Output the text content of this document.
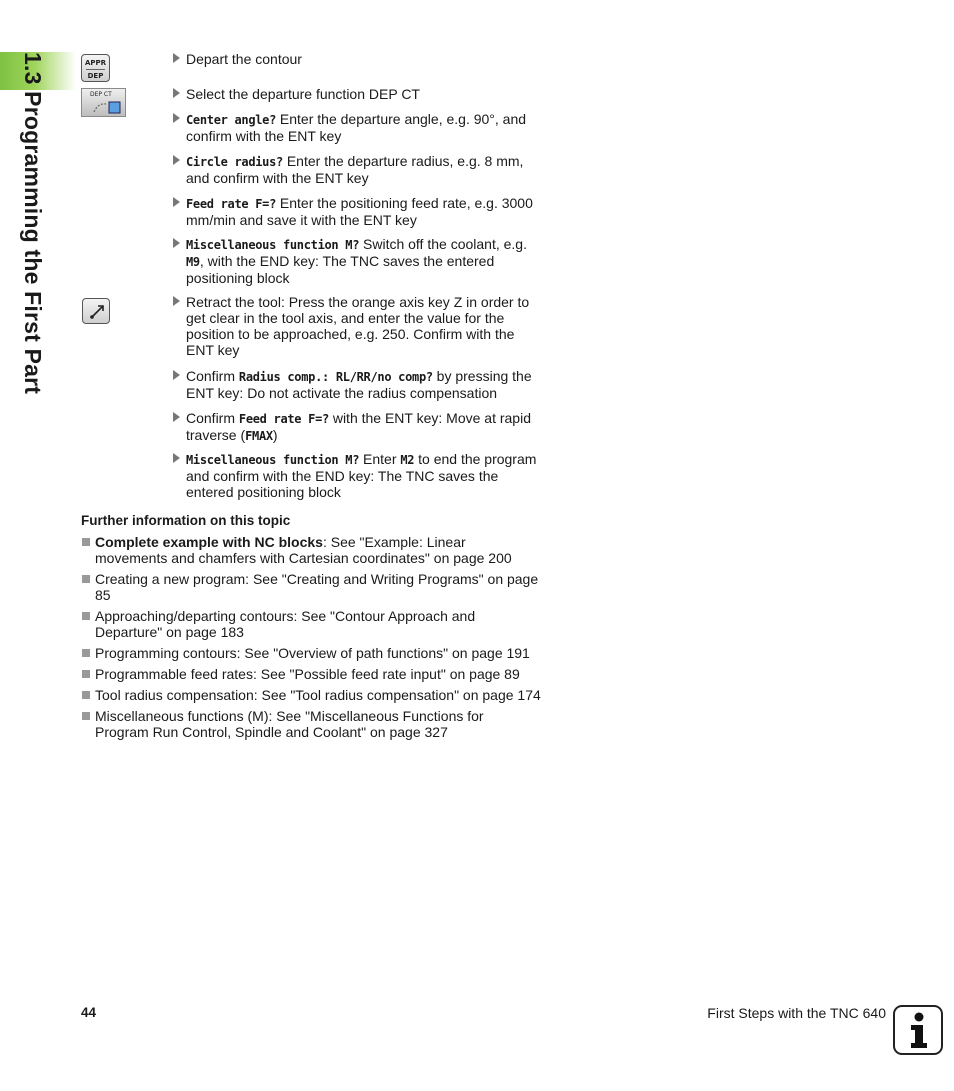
1.3 Programming the First Part	APPR
DEP
DEP CT
Depart the contour
Select the departure function DEP CT
Center angle? Enter the departure angle, e.g. 90°, and confirm with the ENT key
Circle radius? Enter the departure radius, e.g. 8 mm, and confirm with the ENT key
Feed rate F=? Enter the positioning feed rate, e.g. 3000 mm/min and save it with the ENT key
Miscellaneous function M? Switch off the coolant, e.g. M9, with the END key: The TNC saves the entered positioning block
Retract the tool: Press the orange axis key Z in order to get clear in the tool axis, and enter the value for the position to be approached, e.g. 250. Confirm with the ENT key
Confirm Radius comp.: RL/RR/no comp? by pressing the ENT key: Do not activate the radius compensation
Confirm Feed rate F=? with the ENT key: Move at rapid traverse (FMAX)
Miscellaneous function M? Enter M2 to end the program and confirm with the END key: The TNC saves the entered positioning block
Further information on this topic
Complete example with NC blocks: See "Example: Linear movements and chamfers with Cartesian coordinates" on page 200
Creating a new program: See "Creating and Writing Programs" on page 85
Approaching/departing contours: See "Contour Approach and Departure" on page 183
Programming contours: See "Overview of path functions" on page 191
Programmable feed rates: See "Possible feed rate input" on page 89
Tool radius compensation: See "Tool radius compensation" on page 174
Miscellaneous functions (M): See "Miscellaneous Functions for Program Run Control, Spindle and Coolant" on page 327
44	First Steps with the TNC 640
